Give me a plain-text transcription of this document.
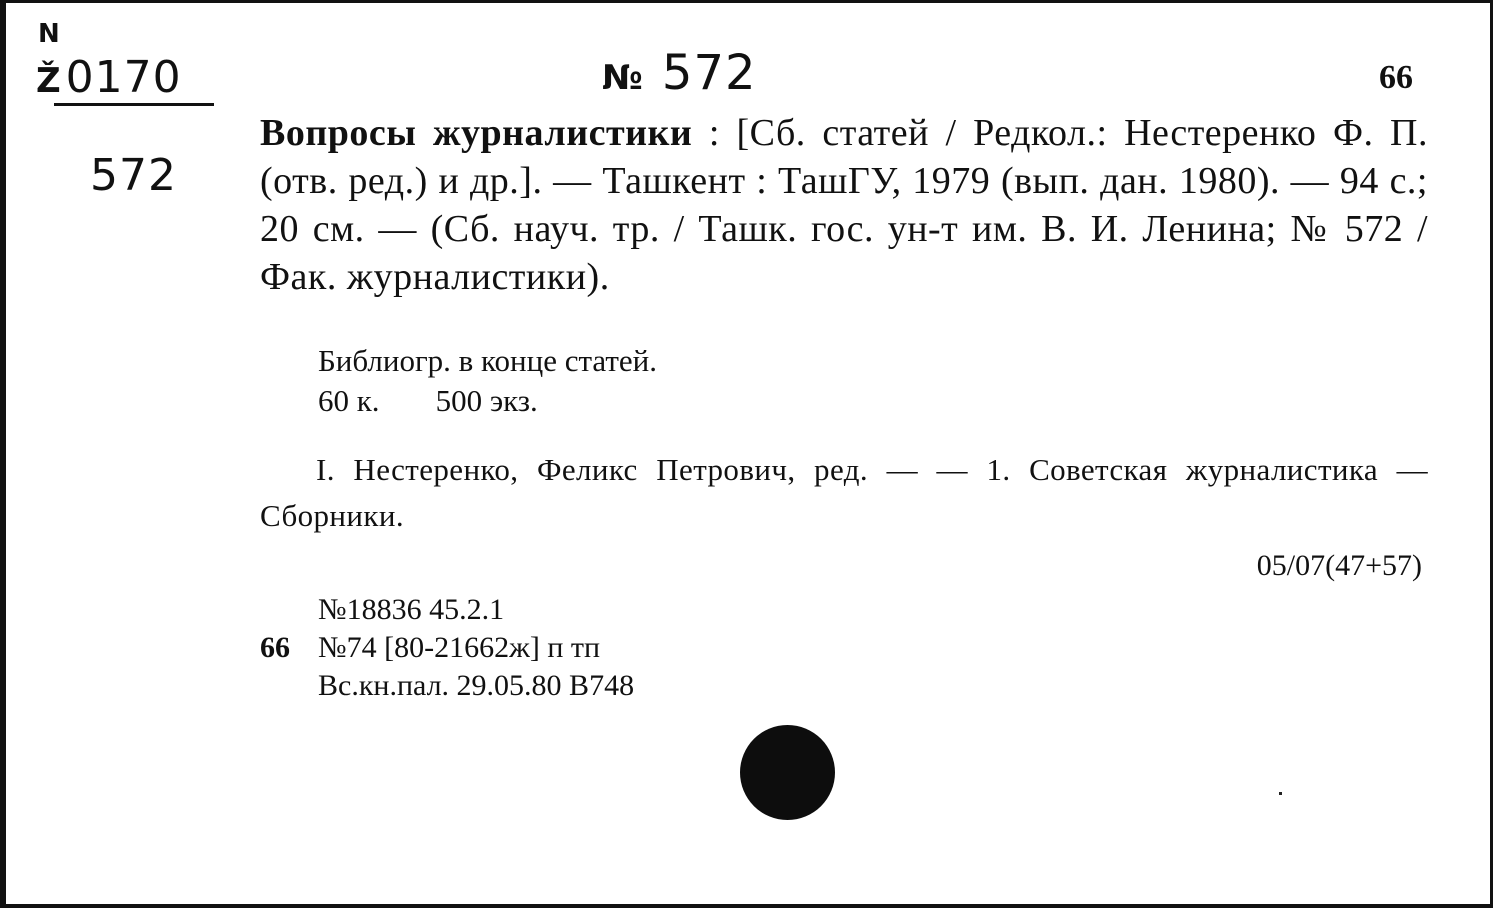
N
Ž0170
572
№ 572	66
Вопросы журналистики : [Сб. статей / Редкол.: Нестеренко Ф. П. (отв. ред.) и др.]. — Ташкент : ТашГУ, 1979 (вып. дан. 1980). — 94 с.; 20 см. — (Сб. науч. тр. / Ташк. гос. ун-т им. В. И. Ленина; № 572 / Фак. журналистики).
Библиогр. в конце статей.
60 к. 500 экз.
I. Нестеренко, Феликс Петрович, ред. — — 1. Советская журналистика — Сборники.
05/07(47+57)
№18836 45.2.1
66 №74 [80-21662ж] п тп
Вс.кн.пал. 29.05.80 В748
